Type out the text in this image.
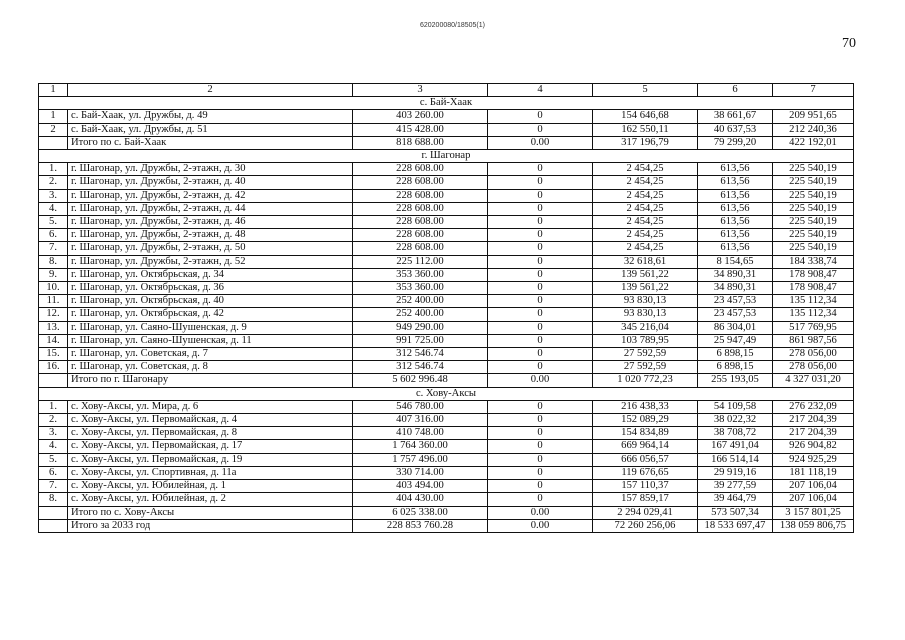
620200080/18505(1)
70
1	2	3	4	5	6	7
с. Бай-Хаак						
1	с. Бай-Хаак, ул. Дружбы, д. 49	403 260.00	0	154 646,68	38 661,67	209 951,65
2	с. Бай-Хаак, ул. Дружбы, д. 51	415 428.00	0	162 550,11	40 637,53	212 240,36
	Итого по с. Бай-Хаак	818 688.00	0.00	317 196,79	79 299,20	422 192,01
г. Шагонар						
1.	г. Шагонар, ул. Дружбы, 2-этажн, д. 30	228 608.00	0	2 454,25	613,56	225 540,19
2.	г. Шагонар, ул. Дружбы, 2-этажн, д. 40	228 608.00	0	2 454,25	613,56	225 540,19
3.	г. Шагонар, ул. Дружбы, 2-этажн, д. 42	228 608.00	0	2 454,25	613,56	225 540,19
4.	г. Шагонар, ул. Дружбы, 2-этажн, д. 44	228 608.00	0	2 454,25	613,56	225 540,19
5.	г. Шагонар, ул. Дружбы, 2-этажн, д. 46	228 608.00	0	2 454,25	613,56	225 540,19
6.	г. Шагонар, ул. Дружбы, 2-этажн, д. 48	228 608.00	0	2 454,25	613,56	225 540,19
7.	г. Шагонар, ул. Дружбы, 2-этажн, д. 50	228 608.00	0	2 454,25	613,56	225 540,19
8.	г. Шагонар, ул. Дружбы, 2-этажн, д. 52	225 112.00	0	32 618,61	8 154,65	184 338,74
9.	г. Шагонар, ул. Октябрьская, д. 34	353 360.00	0	139 561,22	34 890,31	178 908,47
10.	г. Шагонар, ул. Октябрьская, д. 36	353 360.00	0	139 561,22	34 890,31	178 908,47
11.	г. Шагонар, ул. Октябрьская, д. 40	252 400.00	0	93 830,13	23 457,53	135 112,34
12.	г. Шагонар, ул. Октябрьская, д. 42	252 400.00	0	93 830,13	23 457,53	135 112,34
13.	г. Шагонар, ул. Саяно-Шушенская, д. 9	949 290.00	0	345 216,04	86 304,01	517 769,95
14.	г. Шагонар, ул. Саяно-Шушенская, д. 11	991 725.00	0	103 789,95	25 947,49	861 987,56
15.	г. Шагонар, ул. Советская, д. 7	312 546.74	0	27 592,59	6 898,15	278 056,00
16.	г. Шагонар, ул. Советская, д. 8	312 546.74	0	27 592,59	6 898,15	278 056,00
	Итого по г. Шагонару	5 602 996.48	0.00	1 020 772,23	255 193,05	4 327 031,20
с. Хову-Аксы						
1.	с. Хову-Аксы, ул. Мира, д. 6	546 780.00	0	216 438,33	54 109,58	276 232,09
2.	с. Хову-Аксы, ул. Первомайская, д. 4	407 316.00	0	152 089,29	38 022,32	217 204,39
3.	с. Хову-Аксы, ул. Первомайская, д. 8	410 748.00	0	154 834,89	38 708,72	217 204,39
4.	с. Хову-Аксы, ул. Первомайская, д. 17	1 764 360.00	0	669 964,14	167 491,04	926 904,82
5.	с. Хову-Аксы, ул. Первомайская, д. 19	1 757 496.00	0	666 056,57	166 514,14	924 925,29
6.	с. Хову-Аксы, ул. Спортивная, д. 11а	330 714.00	0	119 676,65	29 919,16	181 118,19
7.	с. Хову-Аксы, ул. Юбилейная, д. 1	403 494.00	0	157 110,37	39 277,59	207 106,04
8.	с. Хову-Аксы, ул. Юбилейная, д. 2	404 430.00	0	157 859,17	39 464,79	207 106,04
	Итого по с. Хову-Аксы	6 025 338.00	0.00	2 294 029,41	573 507,34	3 157 801,25
	Итого за 2033 год	228 853 760.28	0.00	72 260 256,06	18 533 697,47	138 059 806,75
